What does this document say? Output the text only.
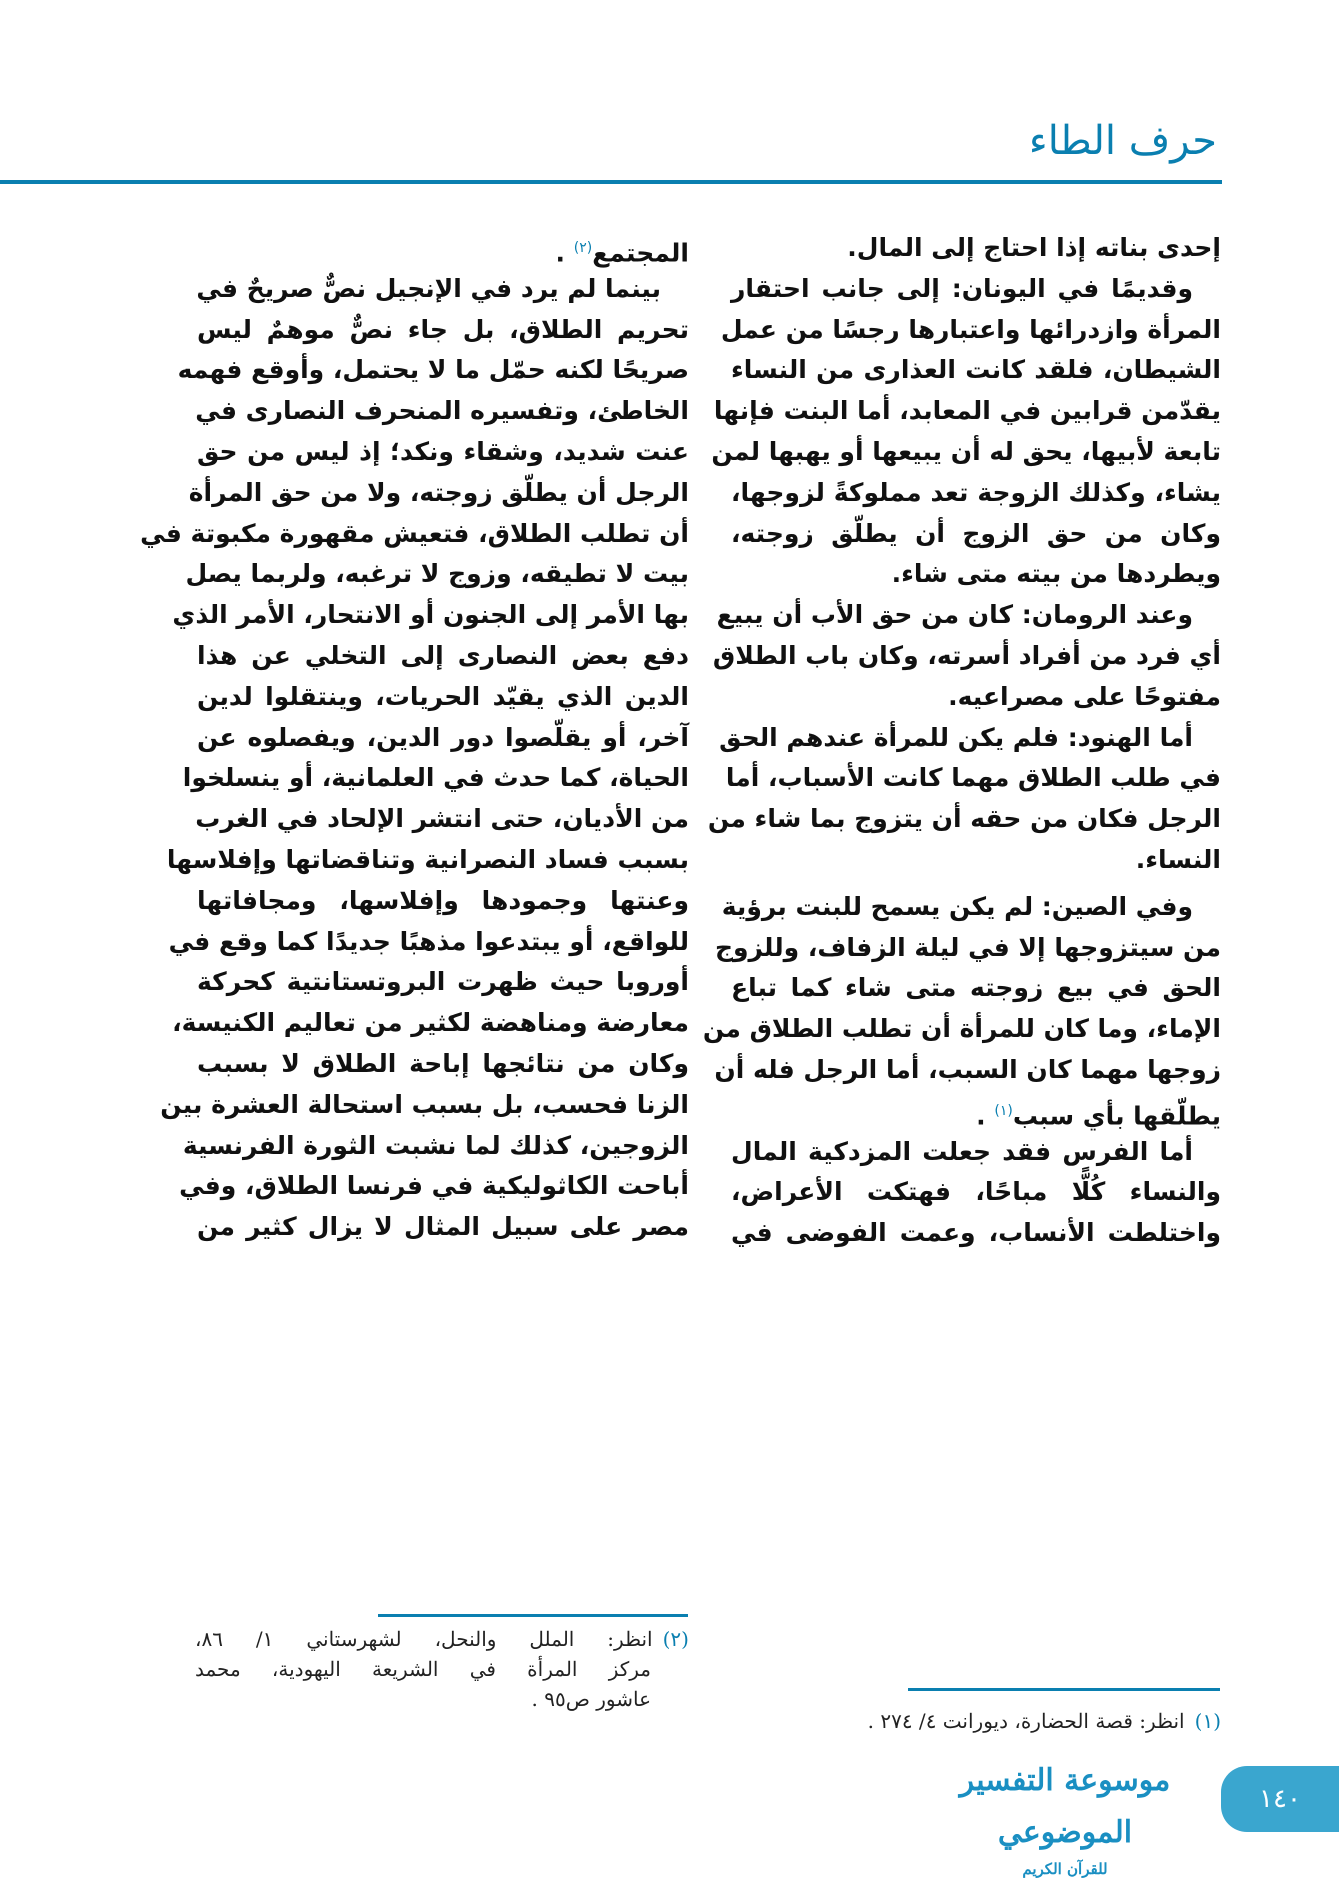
حرف الطاء
إحدى بناته إذا احتاج إلى المال.
وقديمًا في اليونان: إلى جانب احتقار
المرأة وازدرائها واعتبارها رجسًا من عمل
الشيطان، فلقد كانت العذارى من النساء
يقدّمن قرابين في المعابد، أما البنت فإنها
تابعة لأبيها، يحق له أن يبيعها أو يهبها لمن
يشاء، وكذلك الزوجة تعد مملوكةً لزوجها،
وكان من حق الزوج أن يطلّق زوجته،
ويطردها من بيته متى شاء.
وعند الرومان: كان من حق الأب أن يبيع
أي فرد من أفراد أسرته، وكان باب الطلاق
مفتوحًا على مصراعيه.
أما الهنود: فلم يكن للمرأة عندهم الحق
في طلب الطلاق مهما كانت الأسباب، أما
الرجل فكان من حقه أن يتزوج بما شاء من
النساء.
وفي الصين: لم يكن يسمح للبنت برؤية
من سيتزوجها إلا في ليلة الزفاف، وللزوج
الحق في بيع زوجته متى شاء كما تباع
الإماء، وما كان للمرأة أن تطلب الطلاق من
زوجها مهما كان السبب، أما الرجل فله أن
يطلّقها بأي سبب$^{(١)}$ .
أما الفرس فقد جعلت المزدكية المال
والنساء كُلًّا مباحًا، فهتكت الأعراض،
واختلطت الأنساب، وعمت الفوضى في
المجتمع$^{(٢)}$ .
بينما لم يرد في الإنجيل نصٌّ صريحٌ في
تحريم الطلاق، بل جاء نصٌّ موهمٌ ليس
صريحًا لكنه حمّل ما لا يحتمل، وأوقع فهمه
الخاطئ، وتفسيره المنحرف النصارى في
عنت شديد، وشقاء ونكد؛ إذ ليس من حق
الرجل أن يطلّق زوجته، ولا من حق المرأة
أن تطلب الطلاق، فتعيش مقهورة مكبوتة في
بيت لا تطيقه، وزوج لا ترغبه، ولربما يصل
بها الأمر إلى الجنون أو الانتحار، الأمر الذي
دفع بعض النصارى إلى التخلي عن هذا
الدين الذي يقيّد الحريات، وينتقلوا لدين
آخر، أو يقلّصوا دور الدين، ويفصلوه عن
الحياة، كما حدث في العلمانية، أو ينسلخوا
من الأديان، حتى انتشر الإلحاد في الغرب
بسبب فساد النصرانية وتناقضاتها وإفلاسها
وعنتها وجمودها وإفلاسها، ومجافاتها
للواقع، أو يبتدعوا مذهبًا جديدًا كما وقع في
أوروبا حيث ظهرت البروتستانتية كحركة
معارضة ومناهضة لكثير من تعاليم الكنيسة،
وكان من نتائجها إباحة الطلاق لا بسبب
الزنا فحسب، بل بسبب استحالة العشرة بين
الزوجين، كذلك لما نشبت الثورة الفرنسية
أباحت الكاثوليكية في فرنسا الطلاق، وفي
مصر على سبيل المثال لا يزال كثير من
(٢)انظر: الملل والنحل، لشهرستاني ١/ ٨٦،
مركز المرأة في الشريعة اليهودية، محمد
عاشور ص٩٥ .
(١)انظر: قصة الحضارة، ديورانت ٤/ ٢٧٤ .
موسوعة التفسير الموضوعي
للقرآن الكريم
١٤٠
